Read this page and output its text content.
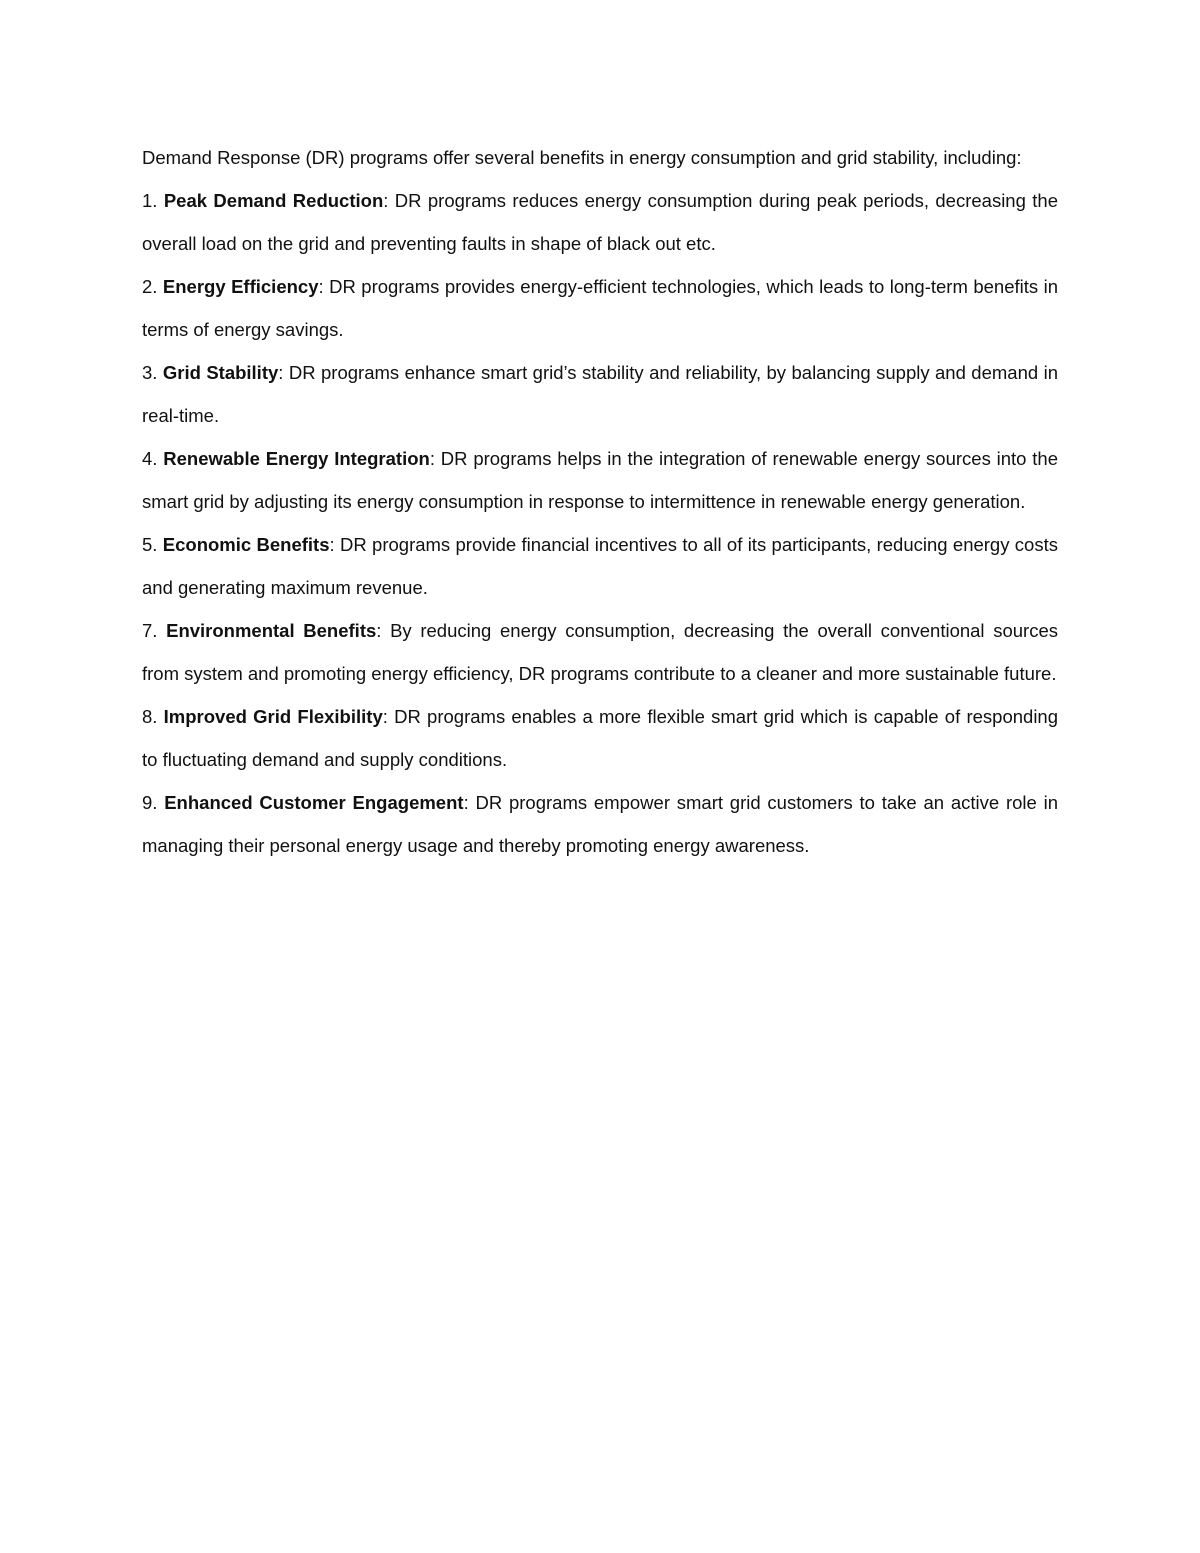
Demand Response (DR) programs offer several benefits in energy consumption and grid stability, including:

1. Peak Demand Reduction: DR programs reduces energy consumption during peak periods, decreasing the overall load on the grid and preventing faults in shape of black out etc.

2. Energy Efficiency: DR programs provides energy-efficient technologies, which leads to long-term benefits in terms of energy savings.

3. Grid Stability: DR programs enhance smart grid’s stability and reliability, by balancing supply and demand in real-time.

4. Renewable Energy Integration: DR programs helps in the integration of renewable energy sources into the smart grid by adjusting its energy consumption in response to intermittence in renewable energy generation.

5. Economic Benefits: DR programs provide financial incentives to all of its participants, reducing energy costs and generating maximum revenue.

7. Environmental Benefits: By reducing energy consumption, decreasing the overall conventional sources from system and promoting energy efficiency, DR programs contribute to a cleaner and more sustainable future.

8. Improved Grid Flexibility: DR programs enables a more flexible smart grid which is capable of responding to fluctuating demand and supply conditions.

9. Enhanced Customer Engagement: DR programs empower smart grid customers to take an active role in managing their personal energy usage and thereby promoting energy awareness.
